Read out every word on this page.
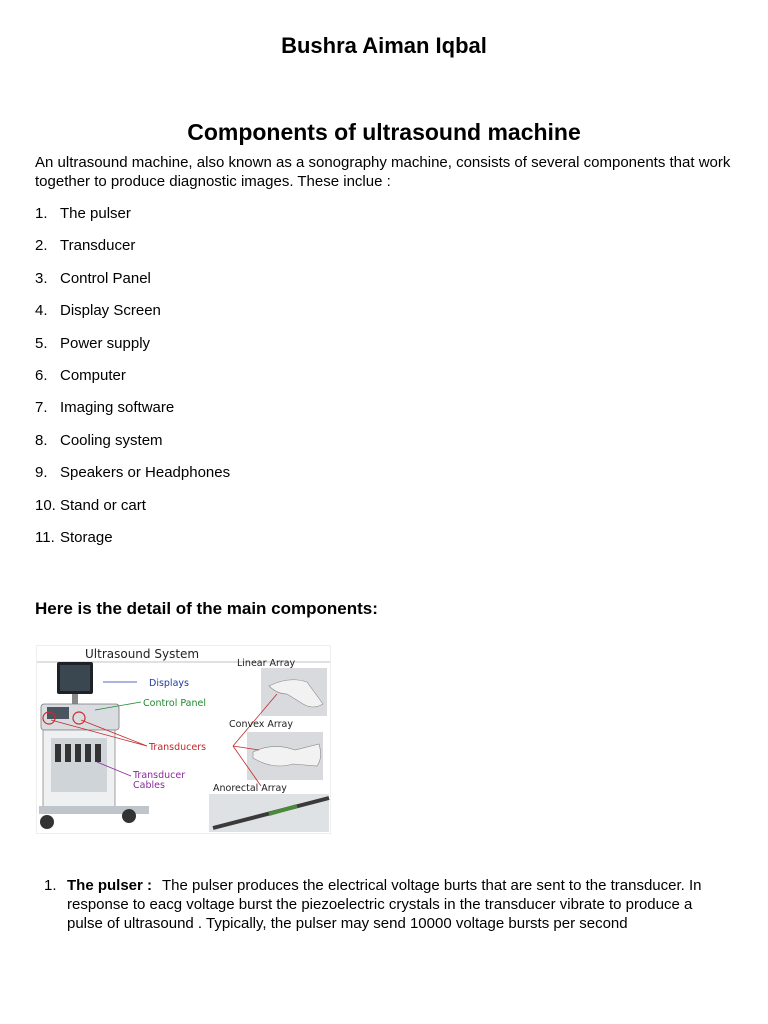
Bushra Aiman Iqbal
Components of ultrasound machine
An ultrasound machine, also known as a sonography machine, consists of several components that work together to produce diagnostic images. These inclue :
1. The pulser
2. Transducer
3. Control Panel
4. Display Screen
5. Power supply
6. Computer
7. Imaging software
8. Cooling system
9. Speakers or Headphones
10. Stand or cart
11. Storage
Here is the detail of the main components:
Ultrasound System
Displays
Control Panel
Transducers
Transducer
Cables
Linear Array
Convex Array
Anorectal Array
1. The pulser : The pulser produces the electrical voltage burts that are sent to the transducer. In response to eacg voltage burst the piezoelectric crystals in the transducer vibrate to produce a pulse of ultrasound . Typically, the pulser may send 10000 voltage bursts per second
